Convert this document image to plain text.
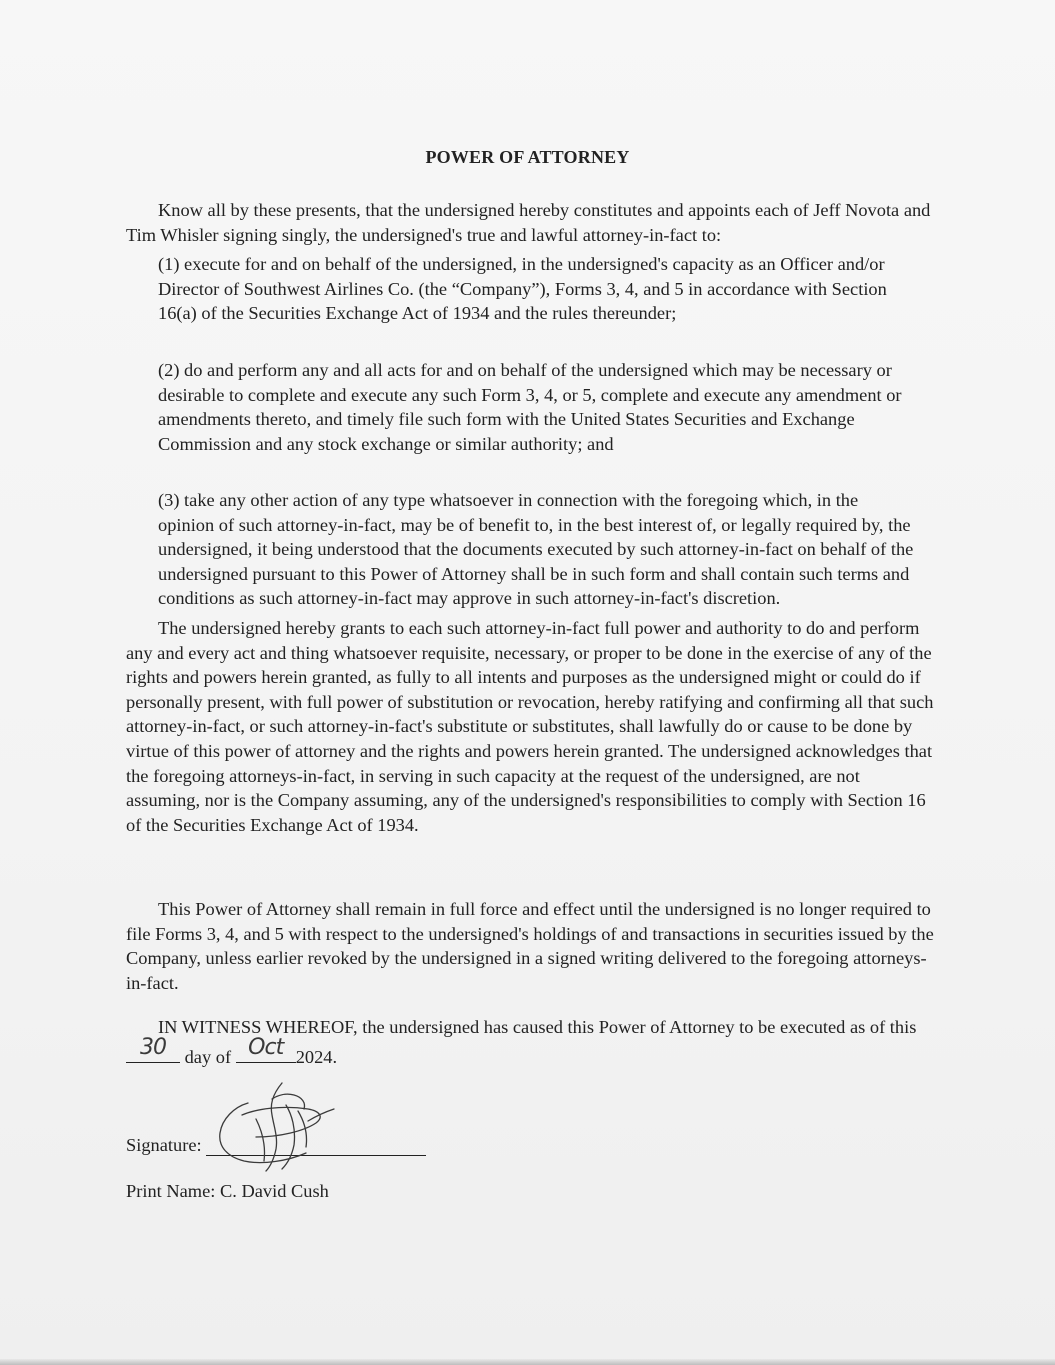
POWER OF ATTORNEY

Know all by these presents, that the undersigned hereby constitutes and appoints each of Jeff Novota and Tim Whisler signing singly, the undersigned's true and lawful attorney-in-fact to:

(1) execute for and on behalf of the undersigned, in the undersigned's capacity as an Officer and/or Director of Southwest Airlines Co. (the “Company”), Forms 3, 4, and 5 in accordance with Section 16(a) of the Securities Exchange Act of 1934 and the rules thereunder;

(2) do and perform any and all acts for and on behalf of the undersigned which may be necessary or desirable to complete and execute any such Form 3, 4, or 5, complete and execute any amendment or amendments thereto, and timely file such form with the United States Securities and Exchange Commission and any stock exchange or similar authority; and

(3) take any other action of any type whatsoever in connection with the foregoing which, in the opinion of such attorney-in-fact, may be of benefit to, in the best interest of, or legally required by, the undersigned, it being understood that the documents executed by such attorney-in-fact on behalf of the undersigned pursuant to this Power of Attorney shall be in such form and shall contain such terms and conditions as such attorney-in-fact may approve in such attorney-in-fact's discretion.

The undersigned hereby grants to each such attorney-in-fact full power and authority to do and perform any and every act and thing whatsoever requisite, necessary, or proper to be done in the exercise of any of the rights and powers herein granted, as fully to all intents and purposes as the undersigned might or could do if personally present, with full power of substitution or revocation, hereby ratifying and confirming all that such attorney-in-fact, or such attorney-in-fact's substitute or substitutes, shall lawfully do or cause to be done by virtue of this power of attorney and the rights and powers herein granted. The undersigned acknowledges that the foregoing attorneys-in-fact, in serving in such capacity at the request of the undersigned, are not assuming, nor is the Company assuming, any of the undersigned's responsibilities to comply with Section 16 of the Securities Exchange Act of 1934.

This Power of Attorney shall remain in full force and effect until the undersigned is no longer required to file Forms 3, 4, and 5 with respect to the undersigned's holdings of and transactions in securities issued by the Company, unless earlier revoked by the undersigned in a signed writing delivered to the foregoing attorneys-in-fact.

IN WITNESS WHEREOF, the undersigned has caused this Power of Attorney to be executed as of this
30	day of Oct 2024.

Signature:
Print Name: C. David Cush
